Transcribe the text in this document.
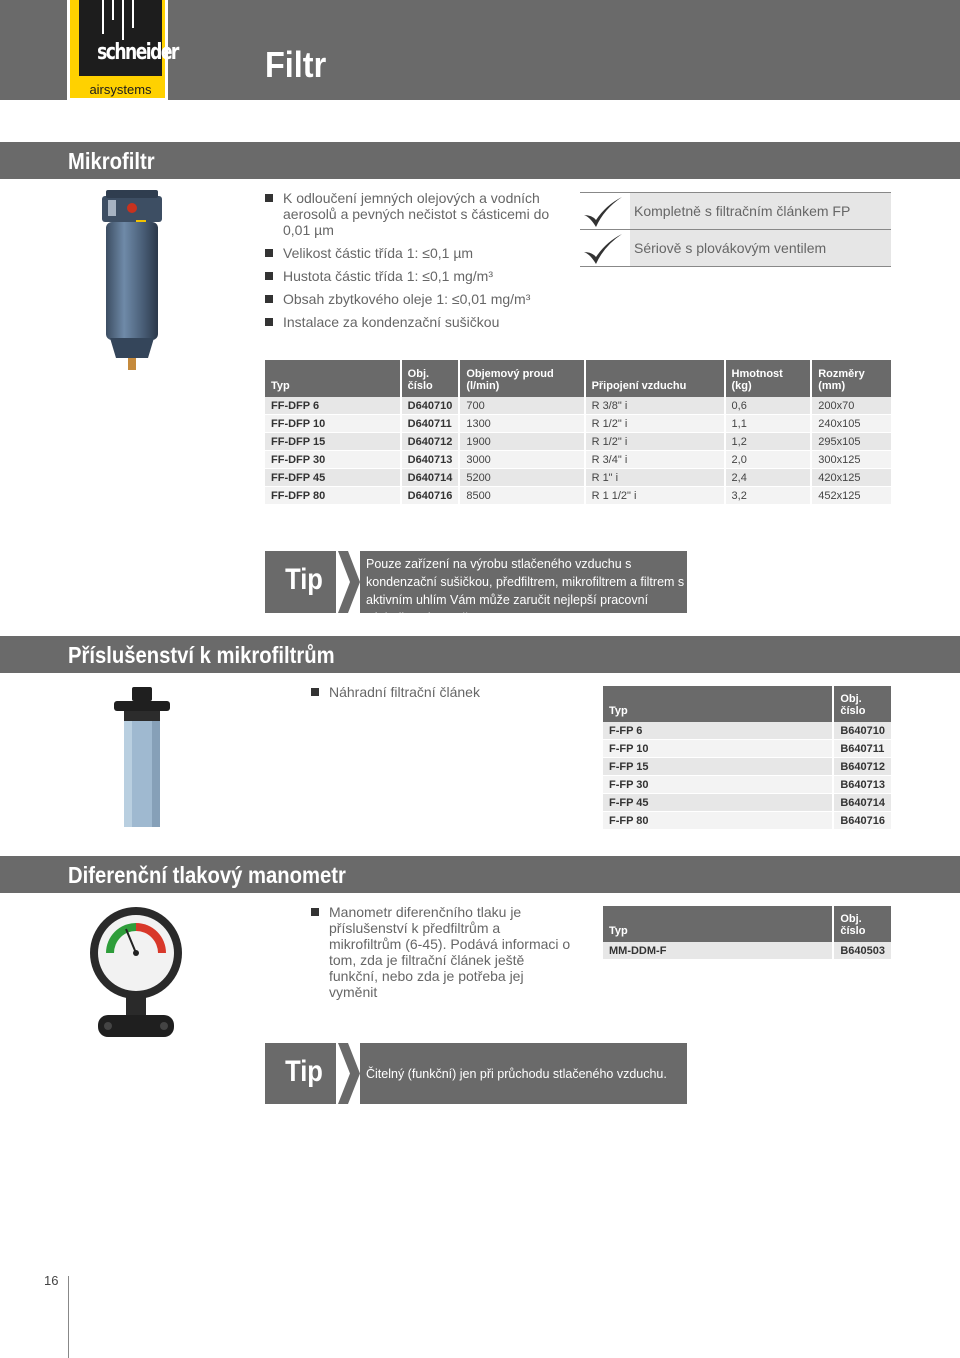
schneider
airsystems
Filtr
Mikrofiltr
K odloučení jemných olejových a vodních aerosolů a pevných nečistot s částicemi do 0,01 µm
Velikost částic třída 1: ≤0,1 µm
Hustota částic třída 1: ≤0,1 mg/m³
Obsah zbytkového oleje 1: ≤0,01 mg/m³
Instalace za kondenzační sušičkou
Kompletně s filtračním článkem FP
Sériově s plovákovým ventilem
Typ	Obj. číslo	Objemový proud (l/min)	Připojení vzduchu	Hmotnost (kg)	Rozměry (mm)
FF-DFP 6	D640710	700	R 3/8" i	0,6	200x70
FF-DFP 10	D640711	1300	R 1/2" i	1,1	240x105
FF-DFP 15	D640712	1900	R 1/2" i	1,2	295x105
FF-DFP 30	D640713	3000	R 3/4" i	2,0	300x125
FF-DFP 45	D640714	5200	R 1" i	2,4	420x125
FF-DFP 80	D640716	8500	R 1 1/2" i	3,2	452x125
Tip	Pouze zařízení na výrobu stlačeného vzduchu s kondenzační sušičkou, předfiltrem, mikrofiltrem a filtrem s aktivním uhlím Vám může zaručit nejlepší pracovní výsledky a bezpečnost provozu.
Příslušenství k mikrofiltrům
Náhradní filtrační článek
Typ	Obj. číslo
F-FP 6	B640710
F-FP 10	B640711
F-FP 15	B640712
F-FP 30	B640713
F-FP 45	B640714
F-FP 80	B640716
Diferenční tlakový manometr
Manometr diferenčního tlaku je příslušenství k předfiltrům a mikrofiltrům (6-45). Podává informaci o tom, zda je filtrační článek ještě funkční, nebo zda je potřeba jej vyměnit
Typ	Obj. číslo
MM-DDM-F	B640503
Tip	Čitelný (funkční) jen při průchodu stlačeného vzduchu.
16
